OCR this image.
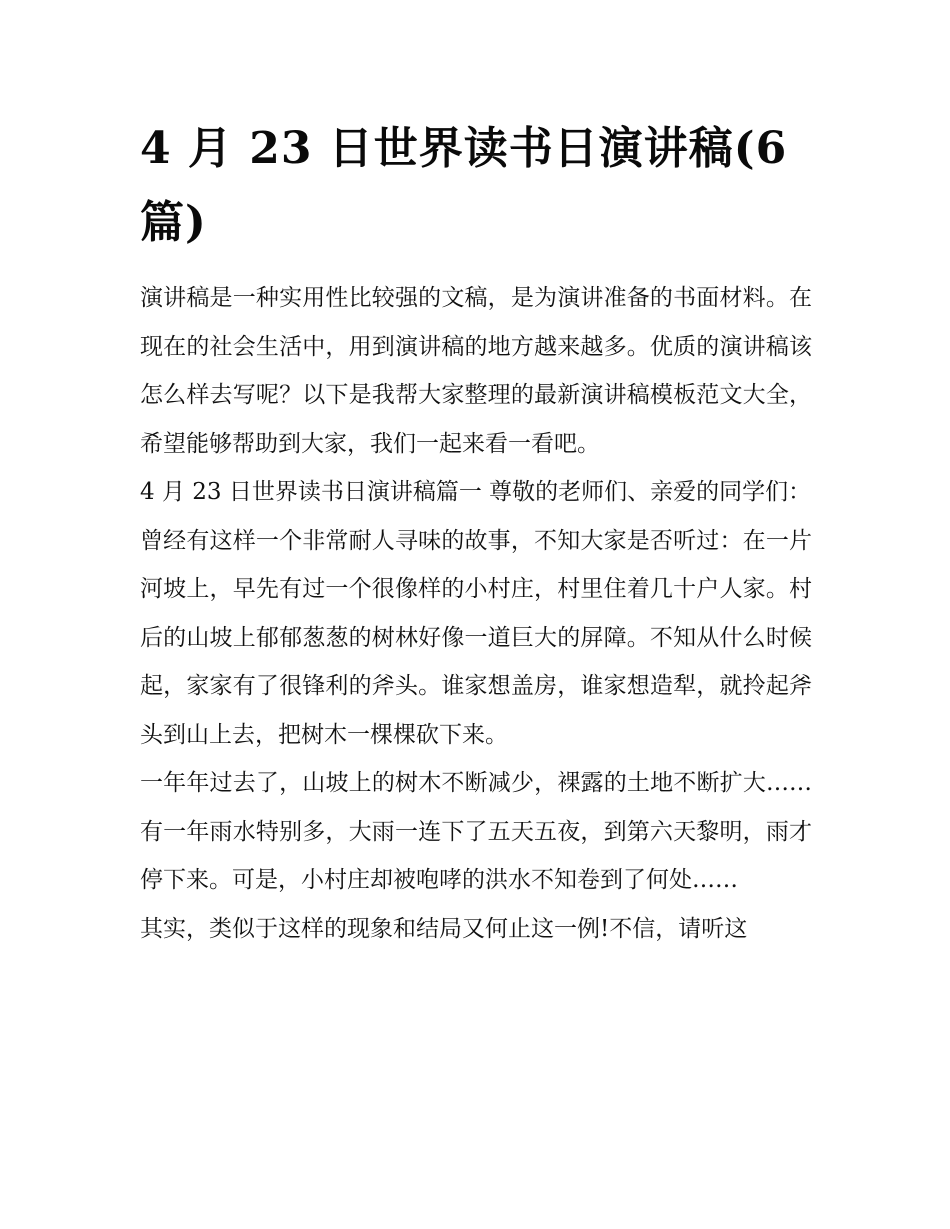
4 月 23 日世界读书日演讲稿(6 篇)

演讲稿是一种实用性比较强的文稿，是为演讲准备的书面材料。在现在的社会生活中，用到演讲稿的地方越来越多。优质的演讲稿该怎么样去写呢？以下是我帮大家整理的最新演讲稿模板范文大全，希望能够帮助到大家，我们一起来看一看吧。

4 月 23 日世界读书日演讲稿篇一 尊敬的老师们、亲爱的同学们：

曾经有这样一个非常耐人寻味的故事，不知大家是否听过：在一片河坡上，早先有过一个很像样的小村庄，村里住着几十户人家。村后的山坡上郁郁葱葱的树林好像一道巨大的屏障。不知从什么时候起，家家有了很锋利的斧头。谁家想盖房，谁家想造犁，就拎起斧头到山上去，把树木一棵棵砍下来。

一年年过去了，山坡上的树木不断减少，裸露的土地不断扩大……有一年雨水特别多，大雨一连下了五天五夜，到第六天黎明，雨才停下来。可是，小村庄却被咆哮的洪水不知卷到了何处……

其实，类似于这样的现象和结局又何止这一例!不信，请听这
